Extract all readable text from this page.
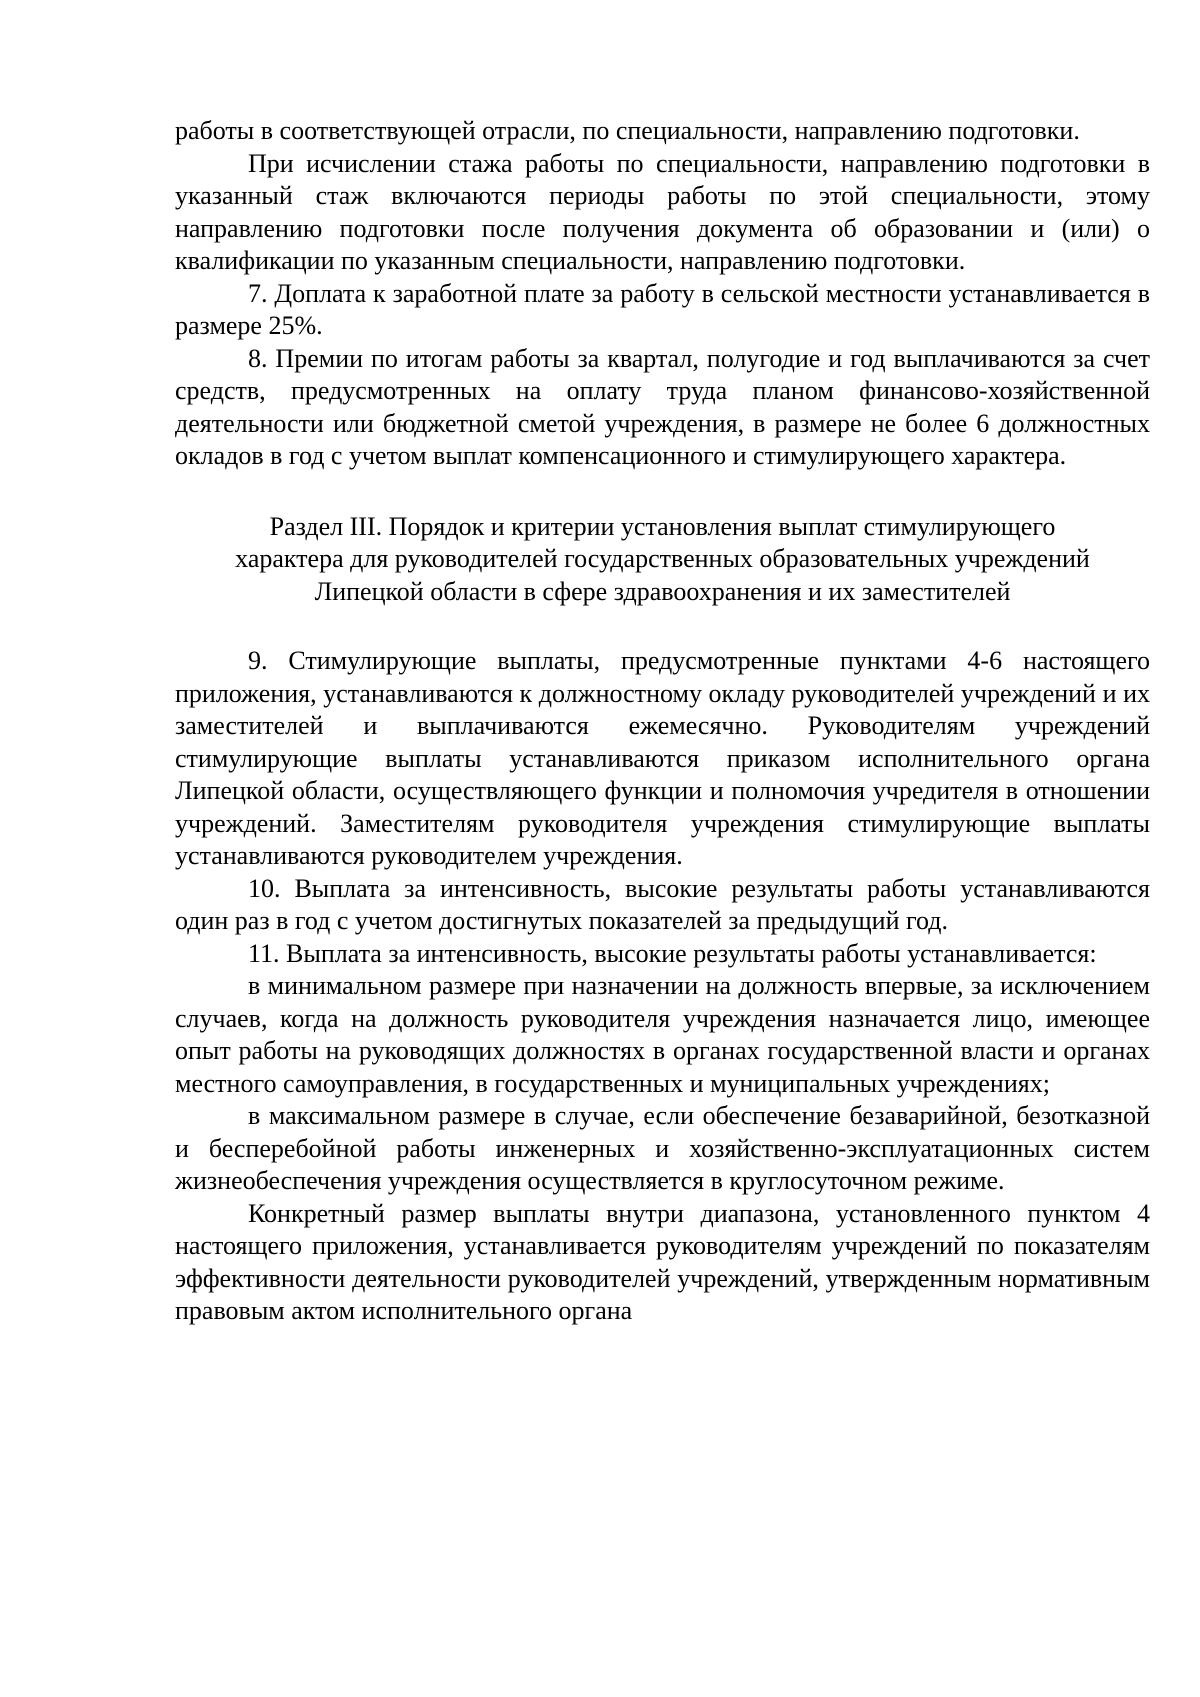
работы в соответствующей отрасли, по специальности, направлению подготовки.

При исчислении стажа работы по специальности, направлению подготовки в указанный стаж включаются периоды работы по этой специальности, этому направлению подготовки после получения документа об образовании и (или) о квалификации по указанным специальности, направлению подготовки.

7. Доплата к заработной плате за работу в сельской местности устанавливается в размере 25%.

8. Премии по итогам работы за квартал, полугодие и год выплачиваются за счет средств, предусмотренных на оплату труда планом финансово-хозяйственной деятельности или бюджетной сметой учреждения, в размере не более 6 должностных окладов в год с учетом выплат компенсационного и стимулирующего характера.

Раздел III. Порядок и критерии установления выплат стимулирующего
характера для руководителей государственных образовательных учреждений
Липецкой области в сфере здравоохранения и их заместителей

9. Стимулирующие выплаты, предусмотренные пунктами 4-6 настоящего приложения, устанавливаются к должностному окладу руководителей учреждений и их заместителей и выплачиваются ежемесячно. Руководителям учреждений стимулирующие выплаты устанавливаются приказом исполнительного органа Липецкой области, осуществляющего функции и полномочия учредителя в отношении учреждений. Заместителям руководителя учреждения стимулирующие выплаты устанавливаются руководителем учреждения.

10. Выплата за интенсивность, высокие результаты работы устанавливаются один раз в год с учетом достигнутых показателей за предыдущий год.

11. Выплата за интенсивность, высокие результаты работы устанавливается:

в минимальном размере при назначении на должность впервые, за исключением случаев, когда на должность руководителя учреждения назначается лицо, имеющее опыт работы на руководящих должностях в органах государственной власти и органах местного самоуправления, в государственных и муниципальных учреждениях;

в максимальном размере в случае, если обеспечение безаварийной, безотказной и бесперебойной работы инженерных и хозяйственно-эксплуатационных систем жизнеобеспечения учреждения осуществляется в круглосуточном режиме.

Конкретный размер выплаты внутри диапазона, установленного пунктом 4 настоящего приложения, устанавливается руководителям учреждений по показателям эффективности деятельности руководителей учреждений, утвержденным нормативным правовым актом исполнительного органа
